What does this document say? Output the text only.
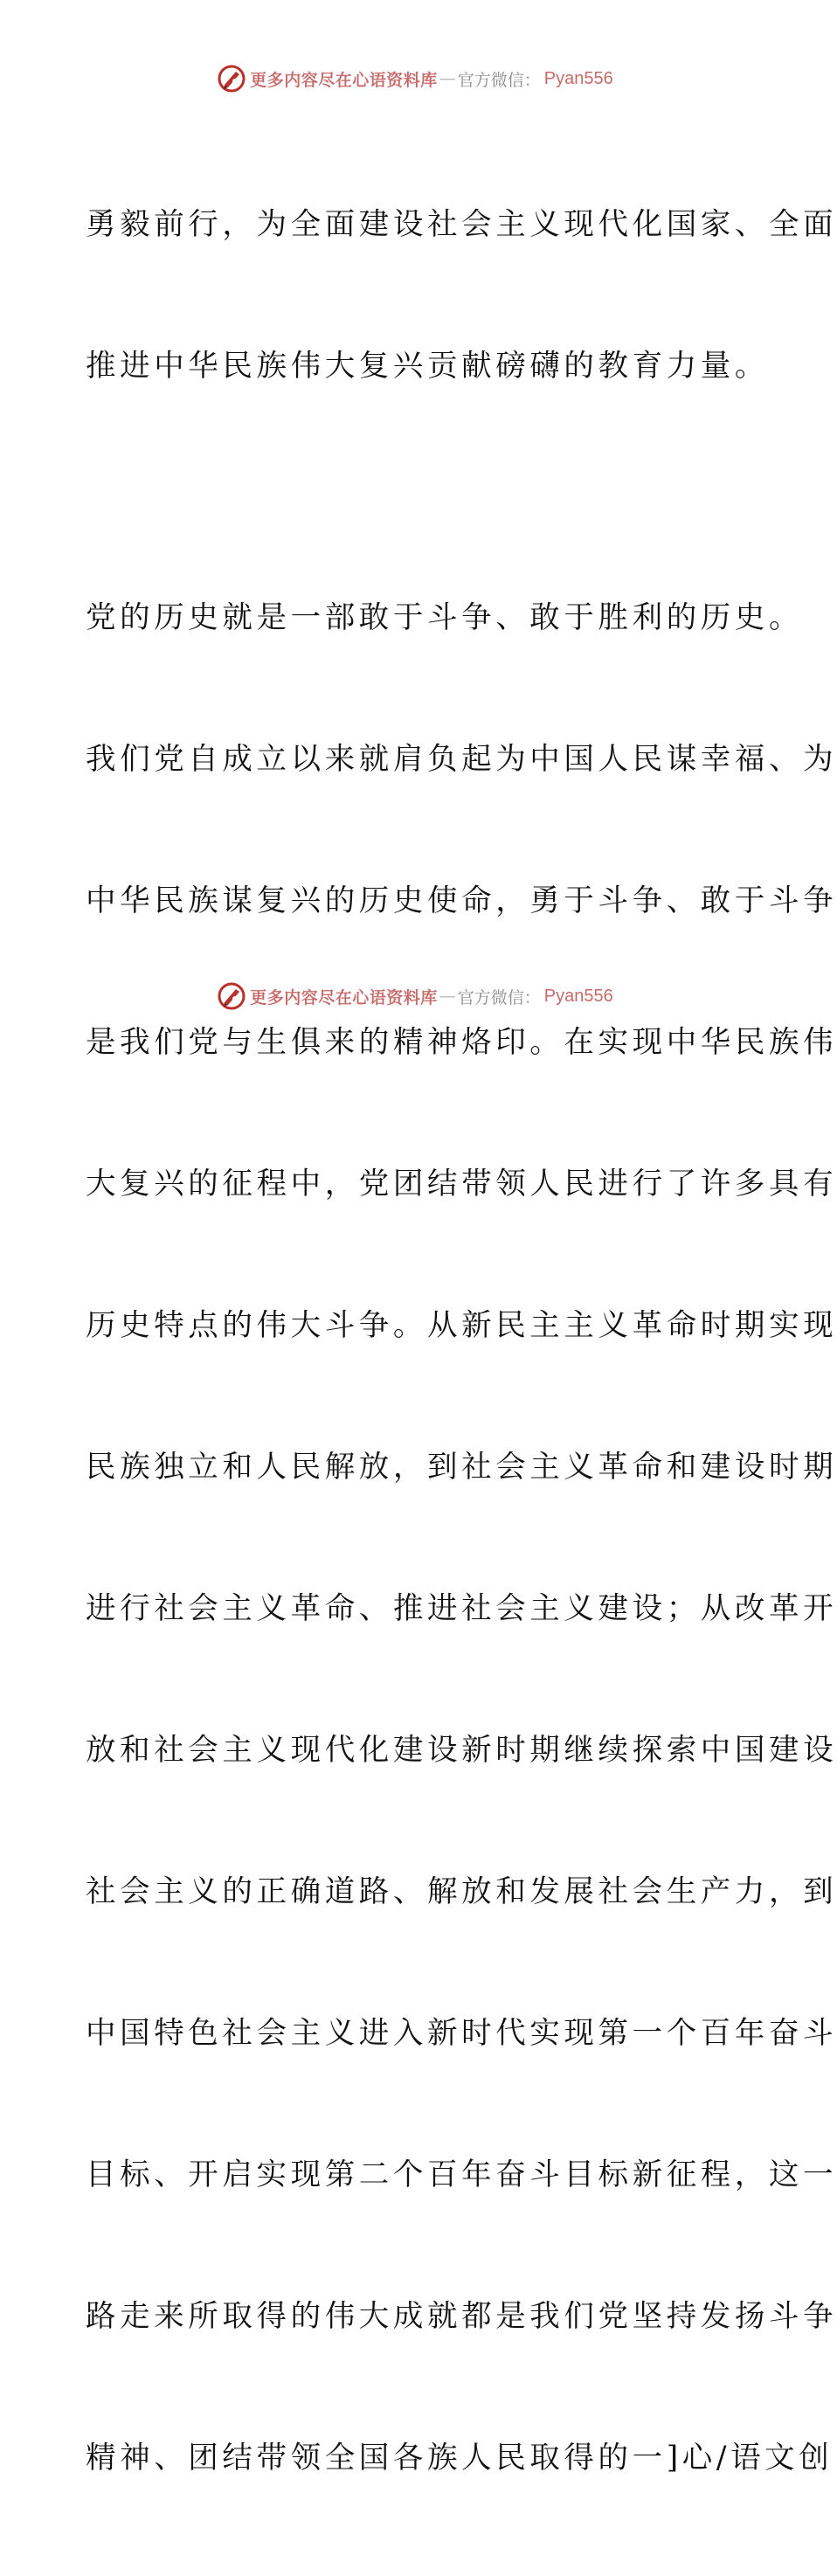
更多内容尽在心语资料库 — 官方微信： Pyan556

勇毅前行，为全面建设社会主义现代化国家、全面

推进中华民族伟大复兴贡献磅礴的教育力量。

党的历史就是一部敢于斗争、敢于胜利的历史。

我们党自成立以来就肩负起为中国人民谋幸福、为

中华民族谋复兴的历史使命，勇于斗争、敢于斗争

是我们党与生俱来的精神烙印。在实现中华民族伟

大复兴的征程中，党团结带领人民进行了许多具有

历史特点的伟大斗争。从新民主主义革命时期实现

民族独立和人民解放，到社会主义革命和建设时期

进行社会主义革命、推进社会主义建设；从改革开

放和社会主义现代化建设新时期继续探索中国建设

社会主义的正确道路、解放和发展社会生产力，到

中国特色社会主义进入新时代实现第一个百年奋斗

目标、开启实现第二个百年奋斗目标新征程，这一

路走来所取得的伟大成就都是我们党坚持发扬斗争

精神、团结带领全国各族人民取得的一]心/语文创

更多内容尽在心语资料库 — 官方微信： Pyan556
